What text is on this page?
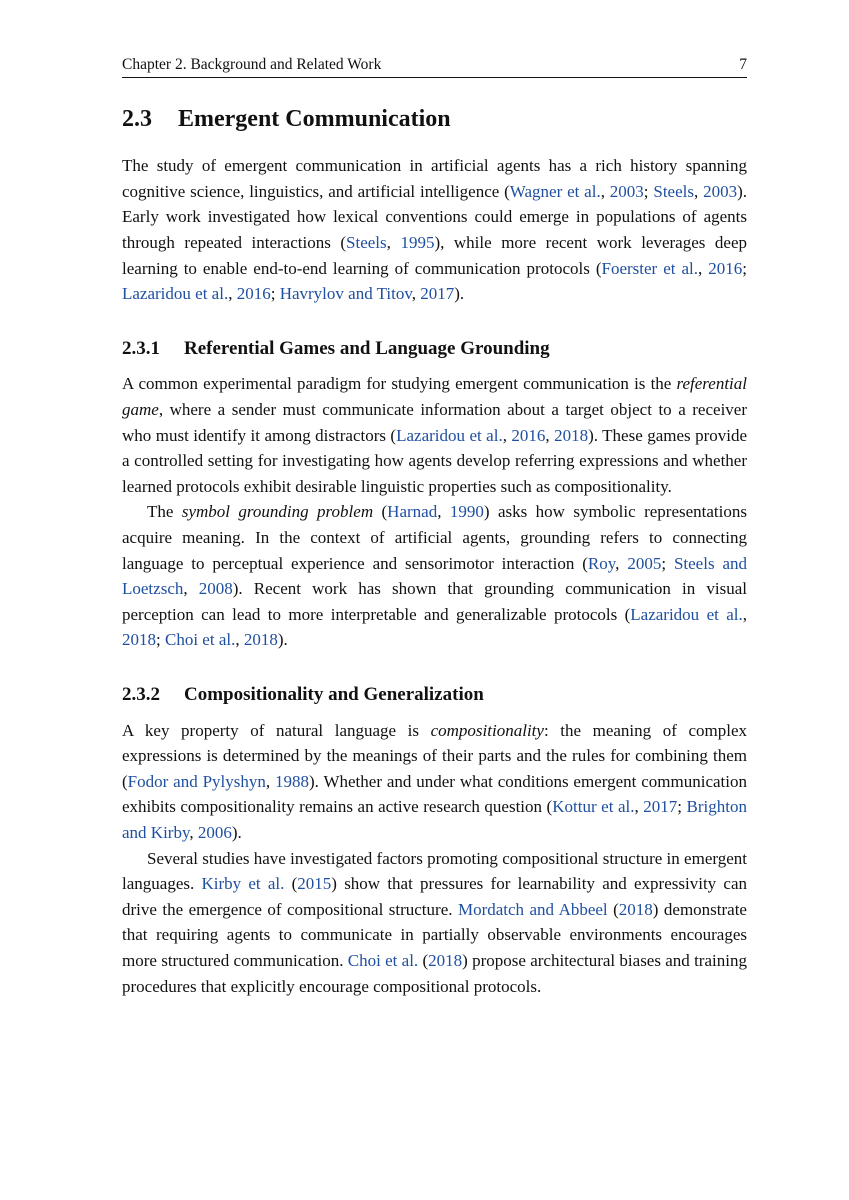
Chapter 2. Background and Related Work	7
2.3 Emergent Communication

The study of emergent communication in artificial agents has a rich history spanning cognitive science, linguistics, and artificial intelligence (Wagner et al., 2003; Steels, 2003). Early work investigated how lexical conventions could emerge in populations of agents through repeated interactions (Steels, 1995), while more recent work leverages deep learning to enable end-to-end learning of communication protocols (Foerster et al., 2016; Lazaridou et al., 2016; Havrylov and Titov, 2017).

2.3.1 Referential Games and Language Grounding

A common experimental paradigm for studying emergent communication is the referential game, where a sender must communicate information about a target object to a receiver who must identify it among distractors (Lazaridou et al., 2016, 2018). These games provide a controlled setting for investigating how agents develop referring expressions and whether learned protocols exhibit desirable linguistic properties such as compositionality.

The symbol grounding problem (Harnad, 1990) asks how symbolic representations acquire meaning. In the context of artificial agents, grounding refers to connecting language to perceptual experience and sensorimotor interaction (Roy, 2005; Steels and Loetzsch, 2008). Recent work has shown that grounding communication in visual perception can lead to more interpretable and generalizable protocols (Lazaridou et al., 2018; Choi et al., 2018).

2.3.2 Compositionality and Generalization

A key property of natural language is compositionality: the meaning of complex expressions is determined by the meanings of their parts and the rules for combining them (Fodor and Pylyshyn, 1988). Whether and under what conditions emergent communication exhibits compositionality remains an active research question (Kottur et al., 2017; Brighton and Kirby, 2006).

Several studies have investigated factors promoting compositional structure in emergent languages. Kirby et al. (2015) show that pressures for learnability and expressivity can drive the emergence of compositional structure. Mordatch and Abbeel (2018) demonstrate that requiring agents to communicate in partially observable environments encourages more structured communication. Choi et al. (2018) propose architectural biases and training procedures that explicitly encourage compositional protocols.
